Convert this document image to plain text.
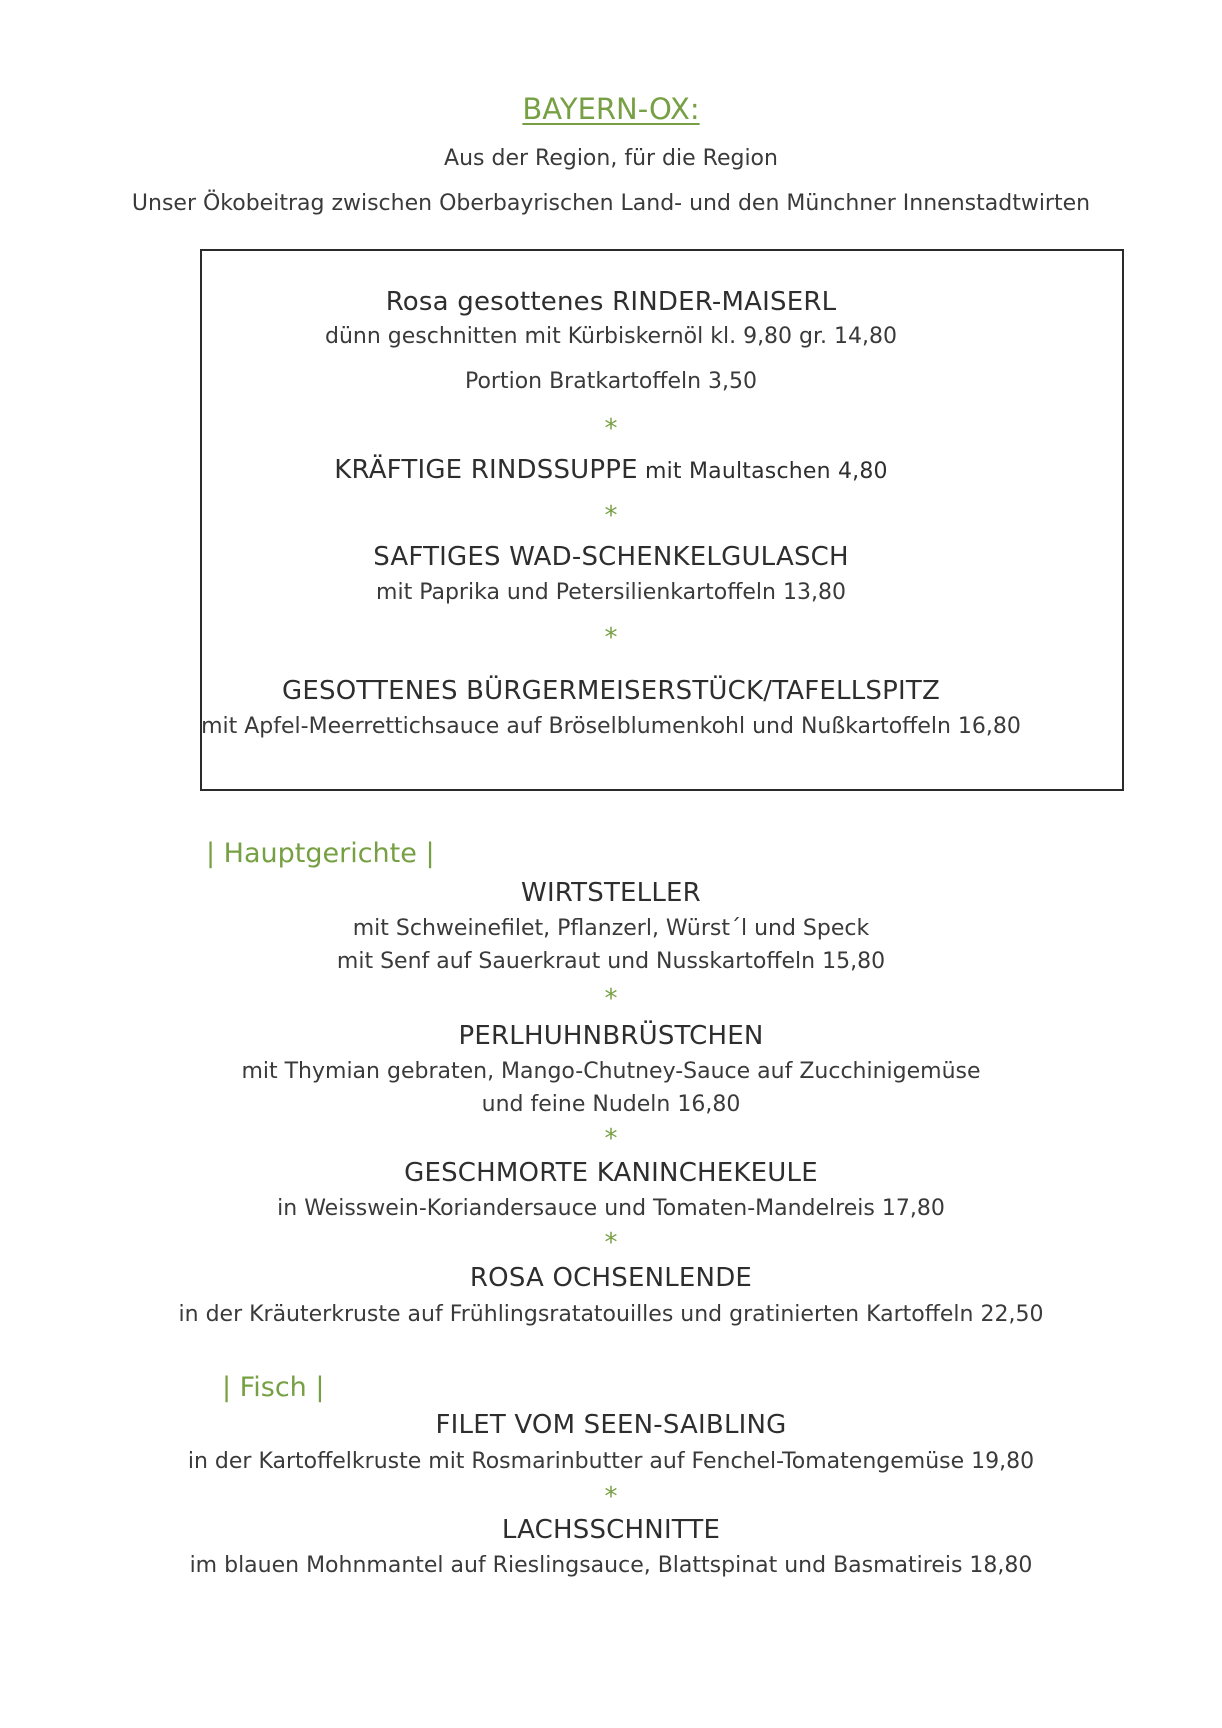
BAYERN-OX:

Aus der Region, für die Region

Unser Ökobeitrag zwischen Oberbayrischen Land- und den Münchner Innenstadtwirten

Rosa gesottenes RINDER-MAISERL

dünn geschnitten mit Kürbiskernöl kl. 9,80 gr. 14,80

Portion Bratkartoffeln 3,50

*
KRÄFTIGE RINDSSUPPE mit Maultaschen 4,80
*
SAFTIGES WAD-SCHENKELGULASCH

mit Paprika und Petersilienkartoffeln 13,80

*
GESOTTENES BÜRGERMEISERSTÜCK/TAFELLSPITZ

mit Apfel-Meerrettichsauce auf Bröselblumenkohl und Nußkartoffeln 16,80

| Hauptgerichte |
WIRTSTELLER

mit Schweinefilet, Pflanzerl, Würst´l und Speck

mit Senf auf Sauerkraut und Nusskartoffeln 15,80

*
PERLHUHNBRÜSTCHEN

mit Thymian gebraten, Mango-Chutney-Sauce auf Zucchinigemüse

und feine Nudeln 16,80

*
GESCHMORTE KANINCHEKEULE

in Weisswein-Koriandersauce und Tomaten-Mandelreis 17,80

*
ROSA OCHSENLENDE

in der Kräuterkruste auf Frühlingsratatouilles und gratinierten Kartoffeln 22,50

| Fisch |
FILET VOM SEEN-SAIBLING

in der Kartoffelkruste mit Rosmarinbutter auf Fenchel-Tomatengemüse 19,80

*
LACHSSCHNITTE

im blauen Mohnmantel auf Rieslingsauce, Blattspinat und Basmatireis 18,80
